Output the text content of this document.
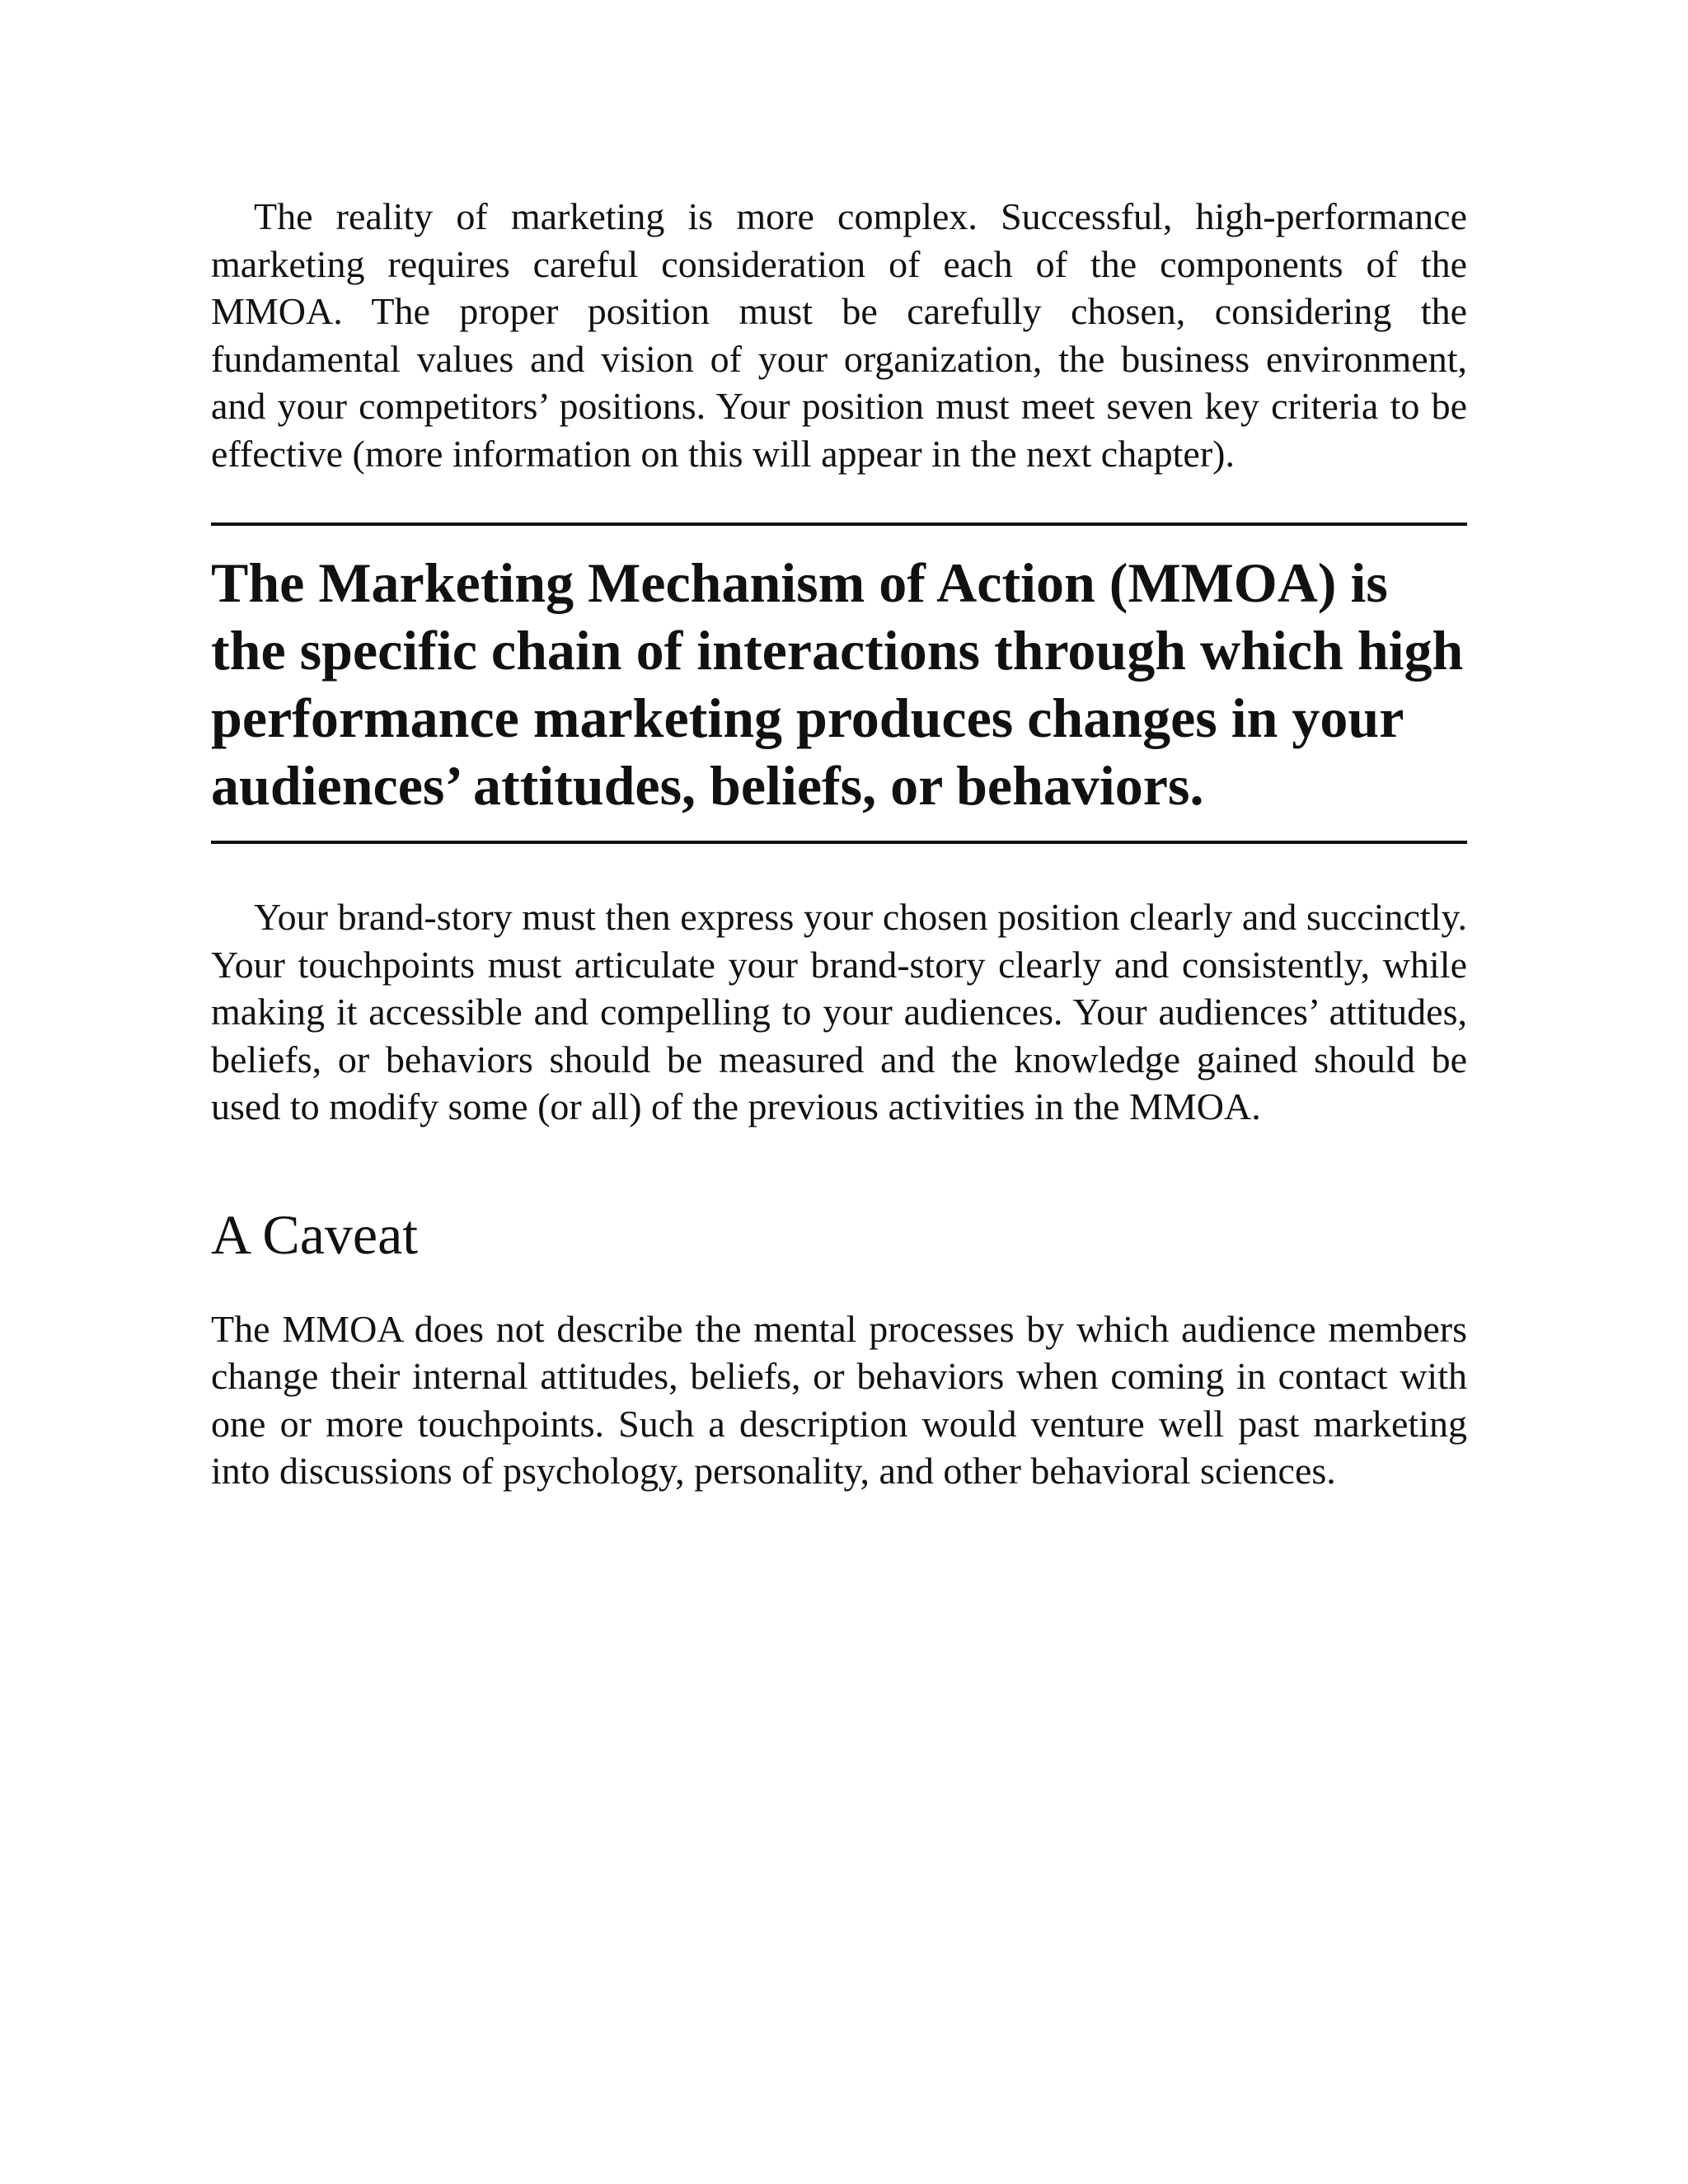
The reality of marketing is more complex. Successful, high-performance marketing requires careful consideration of each of the components of the MMOA. The proper position must be carefully chosen, considering the fundamental values and vision of your organization, the business environment, and your competitors’ positions. Your position must meet seven key criteria to be effective (more information on this will appear in the next chapter).

The Marketing Mechanism of Action (MMOA) is the specific chain of interactions through which high performance marketing produces changes in your audiences’ attitudes, beliefs, or behaviors.

Your brand-story must then express your chosen position clearly and succinctly. Your touchpoints must articulate your brand-story clearly and consistently, while making it accessible and compelling to your audiences. Your audiences’ attitudes, beliefs, or behaviors should be measured and the knowledge gained should be used to modify some (or all) of the previous activities in the MMOA.

A Caveat

The MMOA does not describe the mental processes by which audience members change their internal attitudes, beliefs, or behaviors when coming in contact with one or more touchpoints. Such a description would venture well past marketing into discussions of psychology, personality, and other behavioral sciences.
